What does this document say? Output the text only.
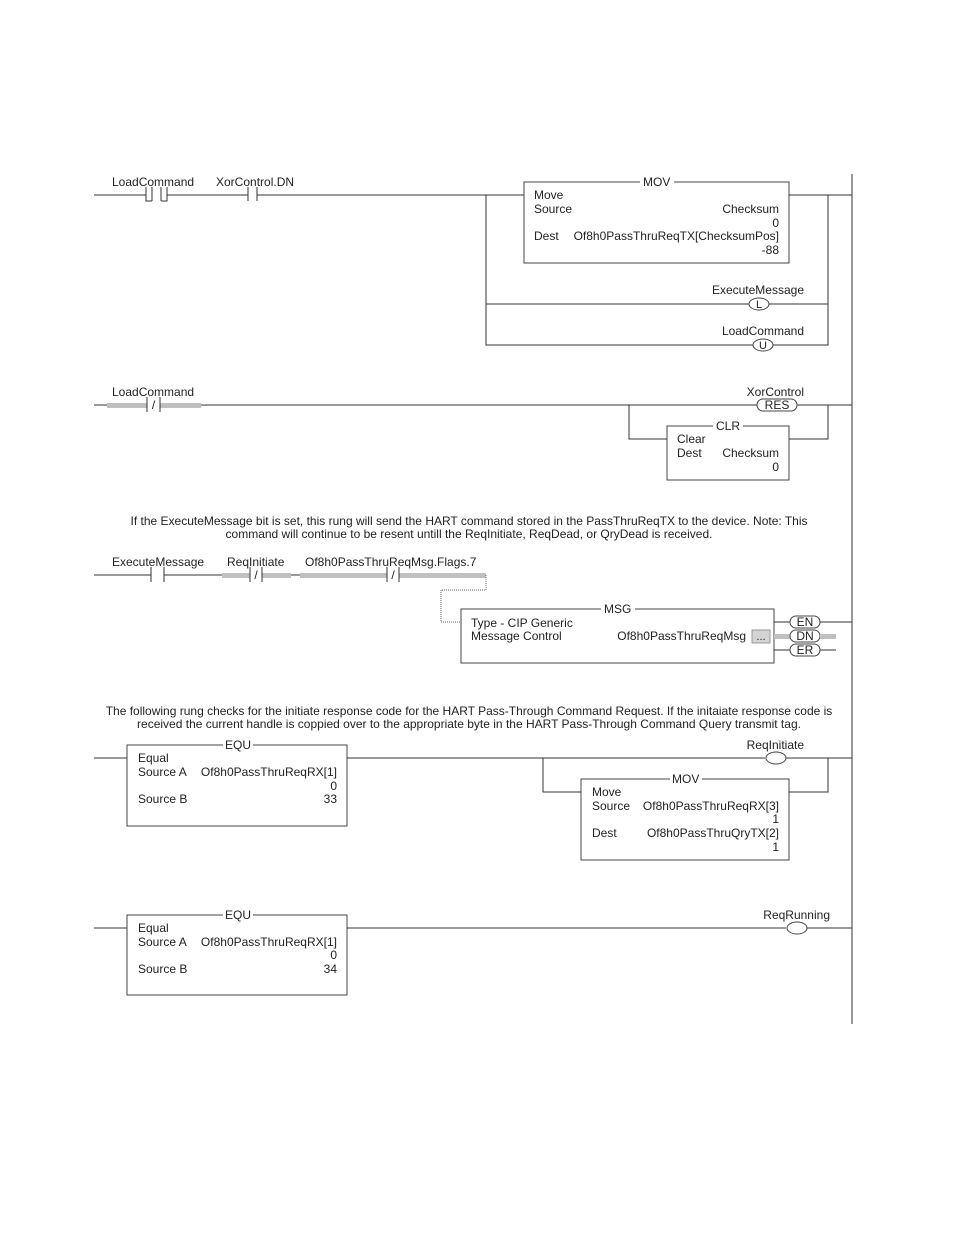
LoadCommand XorControl.DN	MOV
Move
Source	Checksum
0
Dest Of8h0PassThruReqTX[ChecksumPos]
-88
L
ExecuteMessage
U
LoadCommand
/
LoadCommand
RES
XorControl
CLR
Clear
Dest Checksum
0
If the ExecuteMessage bit is set, this rung will send the HART command stored in the PassThruReqTX to the device. Note: This
command will continue to be resent untill the ReqInitiate, ReqDead, or QryDead is received.
ExecuteMessage
/
ReqInitiate
/
Of8h0PassThruReqMsg.Flags.7
MSG
Type - CIP Generic
Message Control	Of8h0PassThruReqMsg ...
EN
DN
ER
The following rung checks for the initiate response code for the HART Pass-Through Command Request. If the initaiate response code is
received the current handle is coppied over to the appropriate byte in the HART Pass-Through Command Query transmit tag.
EQU
Equal
Source A Of8h0PassThruReqRX[1]
0
Source B	33
ReqInitiate
MOV
Move
Source Of8h0PassThruReqRX[3]
1
Dest	Of8h0PassThruQryTX[2]
1
EQU
Equal
Source A Of8h0PassThruReqRX[1]
0
Source B	34
ReqRunning
